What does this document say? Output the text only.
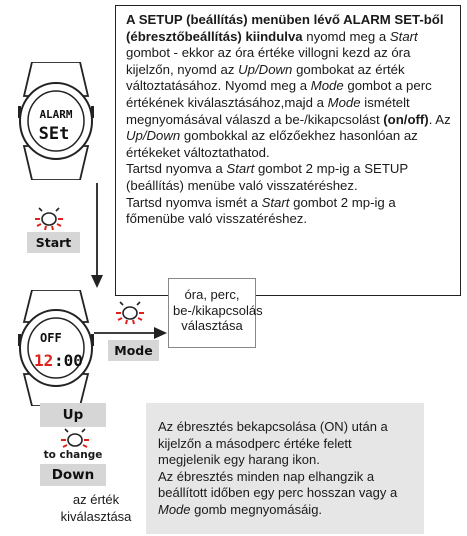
A SETUP (beállítás) menüben lévő ALARM SET-ből (ébresztőbeállítás) kiindulva nyomd meg a Start gombot - ekkor az óra értéke villogni kezd az óra kijelzőn, nyomd az Up/Down gombokat az érték változtatásához. Nyomd meg a Mode gombot a perc értékének kiválasztásához,majd a Mode ismételt megnyomásával válaszd a be-/kikapcsolást (on/off). Az Up/Down gombokkal az előzőekhez hasonlóan az értékeket változtathatod.

Tartsd nyomva a Start gombot 2 mp-ig a SETUP (beállítás) menübe való visszatéréshez.

Tartsd nyomva ismét a Start gombot 2 mp-ig a főmenübe való visszatéréshez.

ALARM
SEt
Start
OFF
12 :00
Mode
óra, perc, be-/kikapcsolás választása
Up
to change
Down
az érték kiválasztása

Az ébresztés bekapcsolása (ON) után a kijelzőn a másodperc értéke felett megjelenik egy harang ikon.

Az ébresztés minden nap elhangzik a beállított időben egy perc hosszan vagy a Mode gomb megnyomásáig.
